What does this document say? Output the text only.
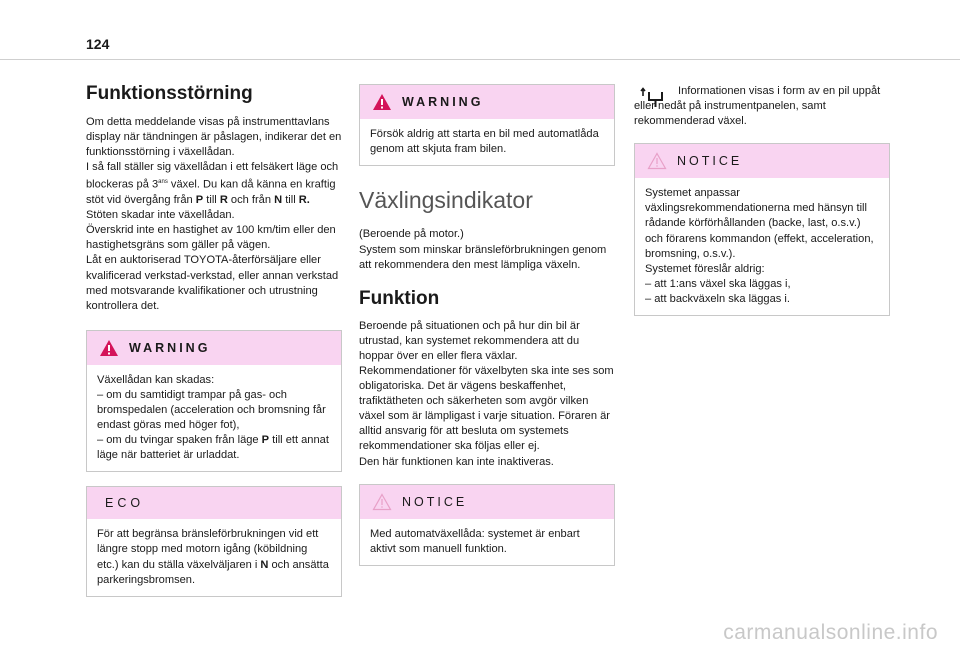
124
Funktionsstörning

Om detta meddelande visas på instrumenttavlans display när tändningen är påslagen, indikerar det en funktionsstörning i växellådan.
I så fall ställer sig växellådan i ett felsäkert läge och blockeras på $3^{ans}$ växel. Du kan då känna en kraftig stöt vid övergång från P till R och från N till R. Stöten skadar inte växellådan.
Överskrid inte en hastighet av 100 km/tim eller den hastighetsgräns som gäller på vägen.
Låt en auktoriserad TOYOTA-återförsäljare eller kvalificerad verkstad-verkstad, eller annan verkstad med motsvarande kvalifikationer och utrustning kontrollera det.

WARNING
Växellådan kan skadas:
– om du samtidigt trampar på gas- och bromspedalen (acceleration och bromsning får endast göras med höger fot),
– om du tvingar spaken från läge P till ett annat läge när batteriet är urladdat.
ECO
För att begränsa bränsleförbrukningen vid ett längre stopp med motorn igång (köbildning etc.) kan du ställa växelväljaren i N och ansätta parkeringsbromsen.
WARNING
Försök aldrig att starta en bil med automatlåda genom att skjuta fram bilen.
Växlingsindikator

(Beroende på motor.)
System som minskar bränsleförbrukningen genom att rekommendera den mest lämpliga växeln.

Funktion

Beroende på situationen och på hur din bil är utrustad, kan systemet rekommendera att du hoppar över en eller flera växlar.
Rekommendationer för växelbyten ska inte ses som obligatoriska. Det är vägens beskaffenhet, trafiktätheten och säkerheten som avgör vilken växel som är lämpligast i varje situation. Föraren är alltid ansvarig för att besluta om systemets rekommendationer ska följas eller ej.
Den här funktionen kan inte inaktiveras.

NOTICE
Med automatväxellåda: systemet är enbart aktivt som manuell funktion.

Informationen visas i form av en pil uppåt eller nedåt på instrumentpanelen, samt rekommenderad växel.

NOTICE
Systemet anpassar växlingsrekommendationerna med hänsyn till rådande körförhållanden (backe, last, o.s.v.) och förarens kommandon (effekt, acceleration, bromsning, o.s.v.).
Systemet föreslår aldrig:
– att 1:ans växel ska läggas i,
– att backväxeln ska läggas i.
carmanualsonline.info
